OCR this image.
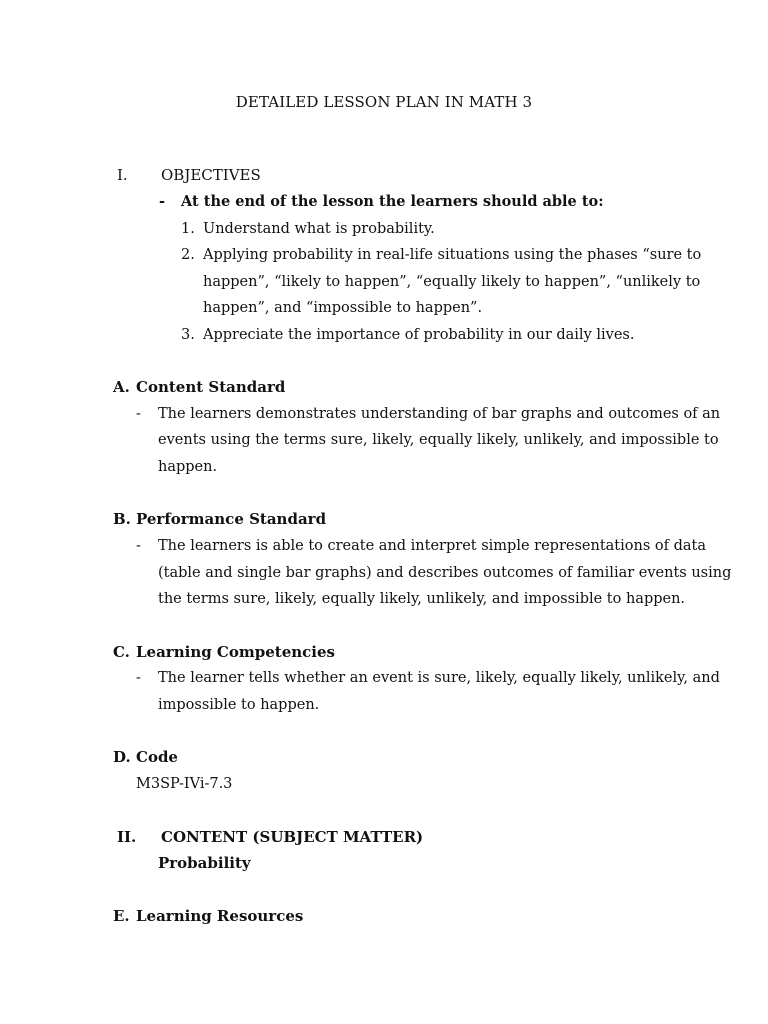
DETAILED LESSON PLAN IN MATH 3
I. OBJECTIVES
- At the end of the lesson the learners should able to:
1. Understand what is probability.
2. Applying probability in real-life situations using the phases “sure to
happen”, “likely to happen”, “equally likely to happen”, “unlikely to
happen”, and “impossible to happen”.
3. Appreciate the importance of probability in our daily lives.
A. Content Standard
- The learners demonstrates understanding of bar graphs and outcomes of an
events using the terms sure, likely, equally likely, unlikely, and impossible to
happen.
B. Performance Standard
- The learners is able to create and interpret simple representations of data
(table and single bar graphs) and describes outcomes of familiar events using
the terms sure, likely, equally likely, unlikely, and impossible to happen.
C. Learning Competencies
- The learner tells whether an event is sure, likely, equally likely, unlikely, and
impossible to happen.
D. Code
M3SP-IVi-7.3
II. CONTENT (SUBJECT MATTER)
Probability
E. Learning Resources
